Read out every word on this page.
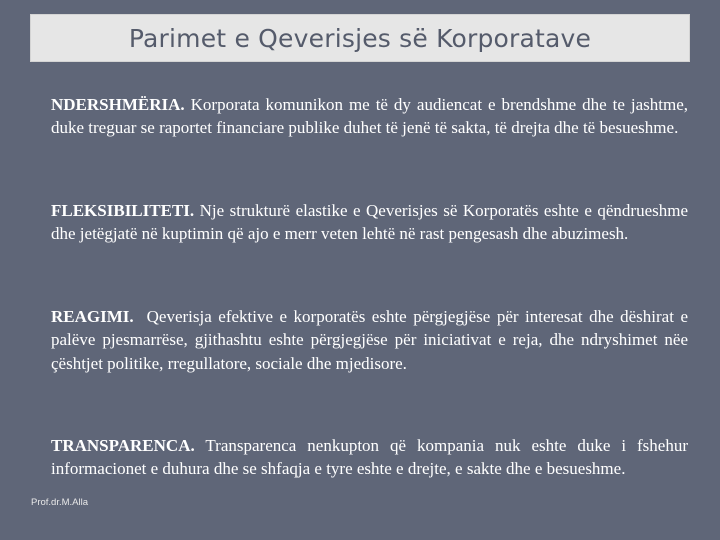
Parimet e Qeverisjes së Korporatave
NDERSHMËRIA. Korporata komunikon me të dy audiencat e brendshme dhe te jashtme, duke treguar se raportet financiare publike duhet të jenë të sakta, të drejta dhe të besueshme.
FLEKSIBILITETI. Nje strukturë elastike e Qeverisjes së Korporatës eshte e qëndrueshme dhe jetëgjatë në kuptimin që ajo e merr veten lehtë në rast pengesash dhe abuzimesh.
REAGIMI.  Qeverisja efektive e korporatës eshte përgjegjëse për interesat dhe dëshirat e palëve pjesmarrëse, gjithashtu eshte përgjegjëse për iniciativat e reja, dhe ndryshimet nëe çështjet politike, rregullatore, sociale dhe mjedisore.
TRANSPARENCA. Transparenca nenkupton që kompania nuk eshte duke i fshehur informacionet e duhura dhe se shfaqja e tyre eshte e drejte, e sakte dhe e besueshme.
Prof.dr.M.Alla
